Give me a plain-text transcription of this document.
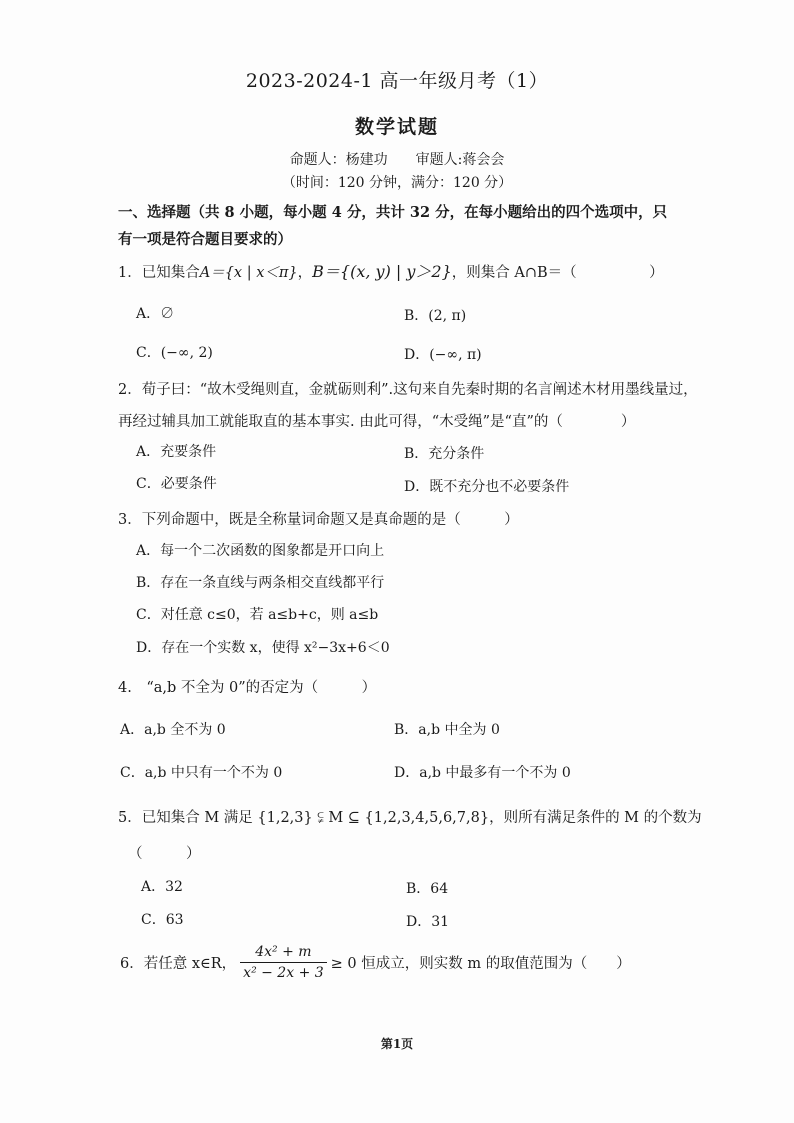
2023-2024-1 高一年级月考（1）
数学试题
命题人：杨建功　　审题人:蒋会会
（时间：120 分钟，满分：120 分）
一、选择题（共 8 小题，每小题 4 分，共计 32 分，在每小题给出的四个选项中，只有一项是符合题目要求的）
1．已知集合A＝{x | x＜π}，B＝{(x, y) | y＞2}，则集合 A∩B＝（　　　　　）
A．∅	B．(2, π)
C．(−∞, 2)	D．(−∞, π)
2．荀子曰：“故木受绳则直，金就砺则利”.这句来自先秦时期的名言阐述木材用墨线量过，
再经过辅具加工就能取直的基本事实. 由此可得，“木受绳”是“直”的（　　　　）
A．充要条件	B．充分条件
C．必要条件	D．既不充分也不必要条件
3．下列命题中，既是全称量词命题又是真命题的是（　　　）
A．每一个二次函数的图象都是开口向上
B．存在一条直线与两条相交直线都平行
C．对任意 c≤0，若 a≤b+c，则 a≤b
D．存在一个实数 x，使得 x²−3x+6＜0
4.　“a,b 不全为 0”的否定为（　　　）
A．a,b 全不为 0	B．a,b 中全为 0
C．a,b 中只有一个不为 0	D．a,b 中最多有一个不为 0
5．已知集合 M 满足 {1,2,3} ⫋ M ⊆ {1,2,3,4,5,6,7,8}，则所有满足条件的 M 的个数为
（　　　）
A．32	B．64
C．63	D．31
6．若任意 x∈R， $\frac{\text{4x² + m}}{\text{x² − 2x + 3}} \ge 0$ 恒成立，则实数 m 的取值范围为（　　）
第1页
